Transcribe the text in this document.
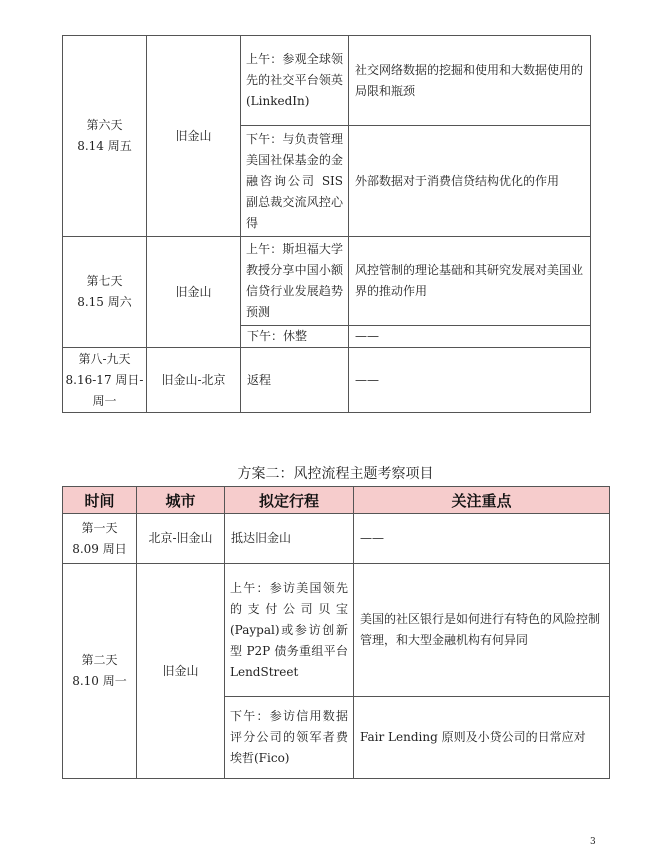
第六天
8.14 周五	旧金山	上午：参观全球领先的社交平台领英(LinkedIn)	社交网络数据的挖掘和使用和大数据使用的局限和瓶颈
		下午：与负责管理美国社保基金的金融咨询公司 SIS 副总裁交流风控心得	外部数据对于消费信贷结构优化的作用

第七天
8.15 周六	旧金山	上午：斯坦福大学教授分享中国小额信贷行业发展趋势预测	风控管制的理论基础和其研究发展对美国业界的推动作用
		下午：休整	——

第八-九天
8.16-17 周日-周一	旧金山-北京	返程	——
方案二：风控流程主题考察项目
时间	城市	拟定行程	关注重点

第一天
8.09 周日	北京-旧金山	抵达旧金山	——

第二天
8.10 周一	旧金山	上午：参访美国领先的支付公司贝宝(Paypal)或参访创新型 P2P 债务重组平台 LendStreet	美国的社区银行是如何进行有特色的风险控制管理，和大型金融机构有何异同
		下午：参访信用数据评分公司的领军者费埃哲(Fico)	Fair Lending 原则及小贷公司的日常应对
3
